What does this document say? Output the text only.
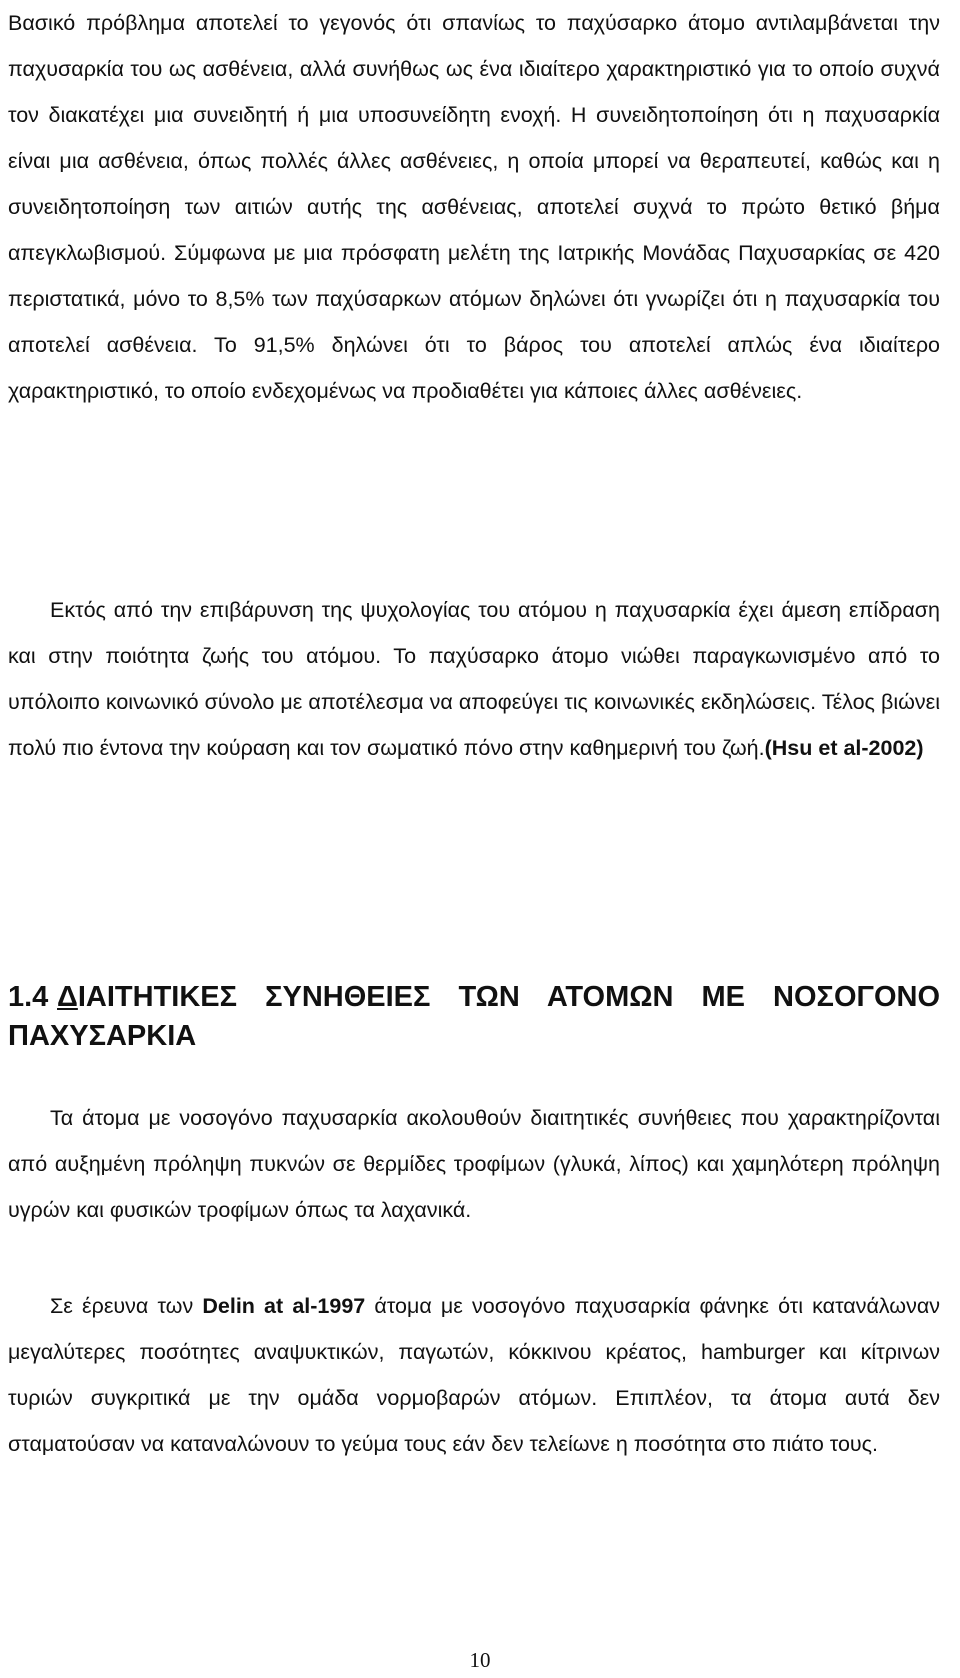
Βασικό πρόβλημα αποτελεί το γεγονός ότι σπανίως το παχύσαρκο άτομο αντιλαμβάνεται την παχυσαρκία του ως ασθένεια, αλλά συνήθως ως ένα ιδιαίτερο χαρακτηριστικό για το οποίο συχνά τον διακατέχει μια συνειδητή ή μια υποσυνείδητη ενοχή. Η συνειδητοποίηση ότι η παχυσαρκία είναι μια ασθένεια, όπως πολλές άλλες ασθένειες, η οποία μπορεί να θεραπευτεί, καθώς και η συνειδητοποίηση των αιτιών αυτής της ασθένειας, αποτελεί συχνά το πρώτο θετικό βήμα απεγκλωβισμού. Σύμφωνα με μια πρόσφατη μελέτη της Ιατρικής Μονάδας Παχυσαρκίας σε 420 περιστατικά, μόνο το 8,5% των παχύσαρκων ατόμων δηλώνει ότι γνωρίζει ότι η παχυσαρκία του αποτελεί ασθένεια. Το 91,5% δηλώνει ότι το βάρος του αποτελεί απλώς ένα ιδιαίτερο χαρακτηριστικό, το οποίο ενδεχομένως να προδιαθέτει για κάποιες άλλες ασθένειες.

Εκτός από την επιβάρυνση της ψυχολογίας του ατόμου η παχυσαρκία έχει άμεση επίδραση και στην ποιότητα ζωής του ατόμου. Το παχύσαρκο άτομο νιώθει παραγκωνισμένο από το υπόλοιπο κοινωνικό σύνολο με αποτέλεσμα να αποφεύγει τις κοινωνικές εκδηλώσεις. Τέλος βιώνει πολύ πιο έντονα την κούραση και τον σωματικό πόνο στην καθημερινή του ζωή.(Hsu et al-2002)

1.4 ΔΙΑΙΤΗΤΙΚΕΣ ΣΥΝΗΘΕΙΕΣ ΤΩΝ ΑΤΟΜΩΝ ΜΕ ΝΟΣΟΓΟΝΟ ΠΑΧΥΣΑΡΚΙΑ

Τα άτομα με νοσογόνο παχυσαρκία ακολουθούν διαιτητικές συνήθειες που χαρακτηρίζονται από αυξημένη πρόληψη πυκνών σε θερμίδες τροφίμων (γλυκά, λίπος) και χαμηλότερη πρόληψη υγρών και φυσικών τροφίμων όπως τα λαχανικά.

Σε έρευνα των Delin at al-1997 άτομα με νοσογόνο παχυσαρκία φάνηκε ότι κατανάλωναν μεγαλύτερες ποσότητες αναψυκτικών, παγωτών, κόκκινου κρέατος, hamburger και κίτρινων τυριών συγκριτικά με την ομάδα νορμοβαρών ατόμων. Επιπλέον, τα άτομα αυτά δεν σταματούσαν να καταναλώνουν το γεύμα τους εάν δεν τελείωνε η ποσότητα στο πιάτο τους.

10
